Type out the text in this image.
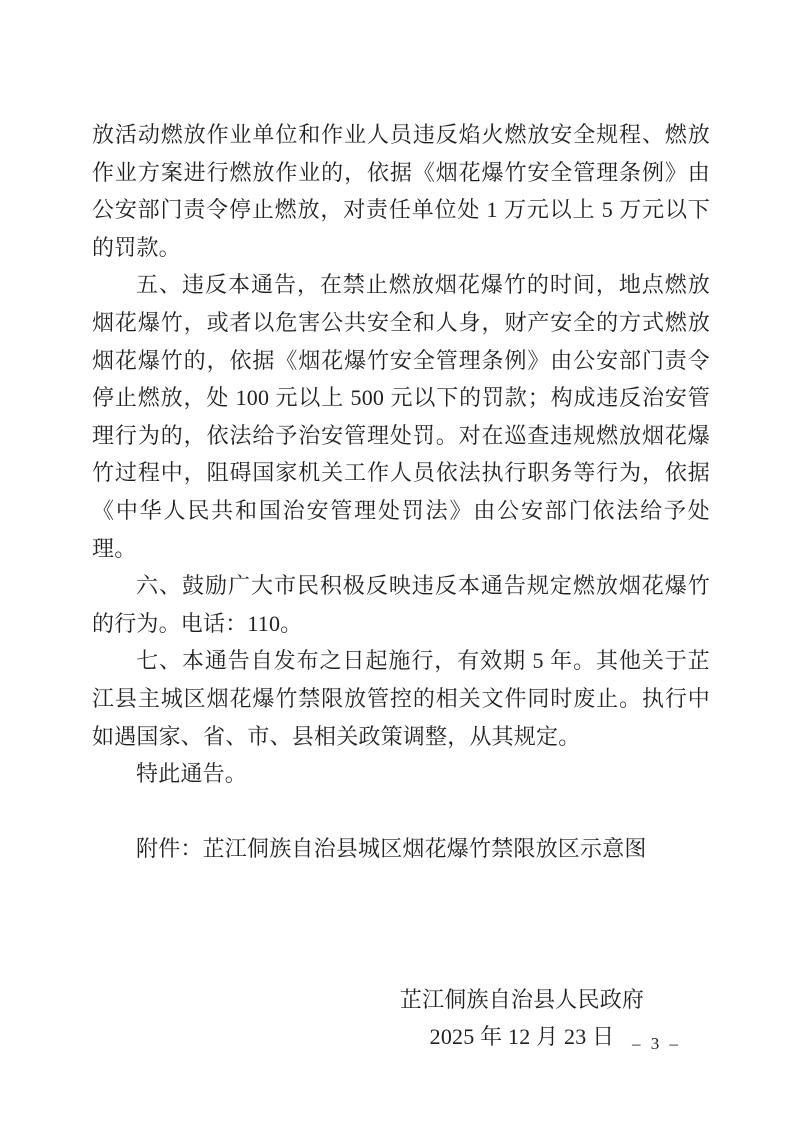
放活动燃放作业单位和作业人员违反焰火燃放安全规程、燃放作业方案进行燃放作业的，依据《烟花爆竹安全管理条例》由公安部门责令停止燃放，对责任单位处 1 万元以上 5 万元以下的罚款。

五、违反本通告，在禁止燃放烟花爆竹的时间，地点燃放烟花爆竹，或者以危害公共安全和人身，财产安全的方式燃放烟花爆竹的，依据《烟花爆竹安全管理条例》由公安部门责令停止燃放，处 100 元以上 500 元以下的罚款；构成违反治安管理行为的，依法给予治安管理处罚。对在巡查违规燃放烟花爆竹过程中，阻碍国家机关工作人员依法执行职务等行为，依据《中华人民共和国治安管理处罚法》由公安部门依法给予处理。

六、鼓励广大市民积极反映违反本通告规定燃放烟花爆竹的行为。电话：110。

七、本通告自发布之日起施行，有效期 5 年。其他关于芷江县主城区烟花爆竹禁限放管控的相关文件同时废止。执行中如遇国家、省、市、县相关政策调整，从其规定。

特此通告。

附件：芷江侗族自治县城区烟花爆竹禁限放区示意图

芷江侗族自治县人民政府
2025 年 12 月 23 日	– 3 –
